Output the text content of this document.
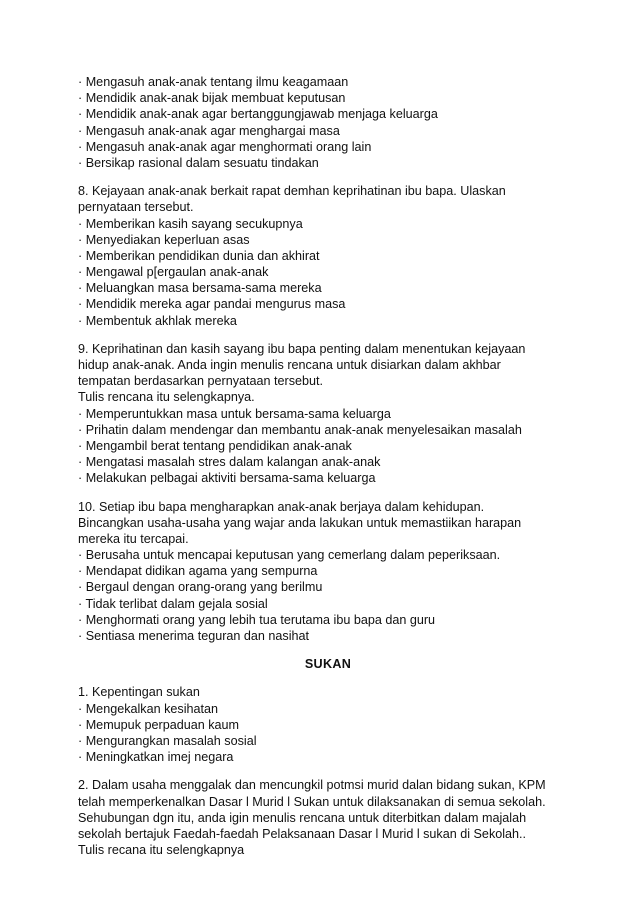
· Mengasuh anak-anak tentang ilmu keagamaan
· Mendidik anak-anak bijak membuat keputusan
· Mendidik anak-anak agar bertanggungjawab menjaga keluarga
· Mengasuh anak-anak agar menghargai masa
· Mengasuh anak-anak agar menghormati orang lain
· Bersikap rasional dalam sesuatu tindakan
8. Kejayaan anak-anak berkait rapat demhan keprihatinan ibu bapa. Ulaskan
pernyataan tersebut.
· Memberikan kasih sayang secukupnya
· Menyediakan keperluan asas
· Memberikan pendidikan dunia dan akhirat
· Mengawal p[ergaulan anak-anak
· Meluangkan masa bersama-sama mereka
· Mendidik mereka agar pandai mengurus masa
· Membentuk akhlak mereka
9. Keprihatinan dan kasih sayang ibu bapa penting dalam menentukan kejayaan
hidup anak-anak. Anda ingin menulis rencana untuk disiarkan dalam akhbar
tempatan berdasarkan pernyataan tersebut.
Tulis rencana itu selengkapnya.
· Memperuntukkan masa untuk bersama-sama keluarga
· Prihatin dalam mendengar dan membantu anak-anak menyelesaikan masalah
· Mengambil berat tentang pendidikan anak-anak
· Mengatasi masalah stres dalam kalangan anak-anak
· Melakukan pelbagai aktiviti bersama-sama keluarga
10. Setiap ibu bapa mengharapkan anak-anak berjaya dalam kehidupan.
Bincangkan usaha-usaha yang wajar anda lakukan untuk memastiikan harapan
mereka itu tercapai.
· Berusaha untuk mencapai keputusan yang cemerlang dalam peperiksaan.
· Mendapat didikan agama yang sempurna
· Bergaul dengan orang-orang yang berilmu
· Tidak terlibat dalam gejala sosial
· Menghormati orang yang lebih tua terutama ibu bapa dan guru
· Sentiasa menerima teguran dan nasihat
SUKAN
1. Kepentingan sukan
· Mengekalkan kesihatan
· Memupuk perpaduan kaum
· Mengurangkan masalah sosial
· Meningkatkan imej negara
2. Dalam usaha menggalak dan mencungkil potmsi murid dalan bidang sukan, KPM
telah memperkenalkan Dasar l Murid l Sukan untuk dilaksanakan di semua sekolah.
Sehubungan dgn itu, anda igin menulis rencana untuk diterbitkan dalam majalah
sekolah bertajuk Faedah-faedah Pelaksanaan Dasar l Murid l sukan di Sekolah..
Tulis recana itu selengkapnya
